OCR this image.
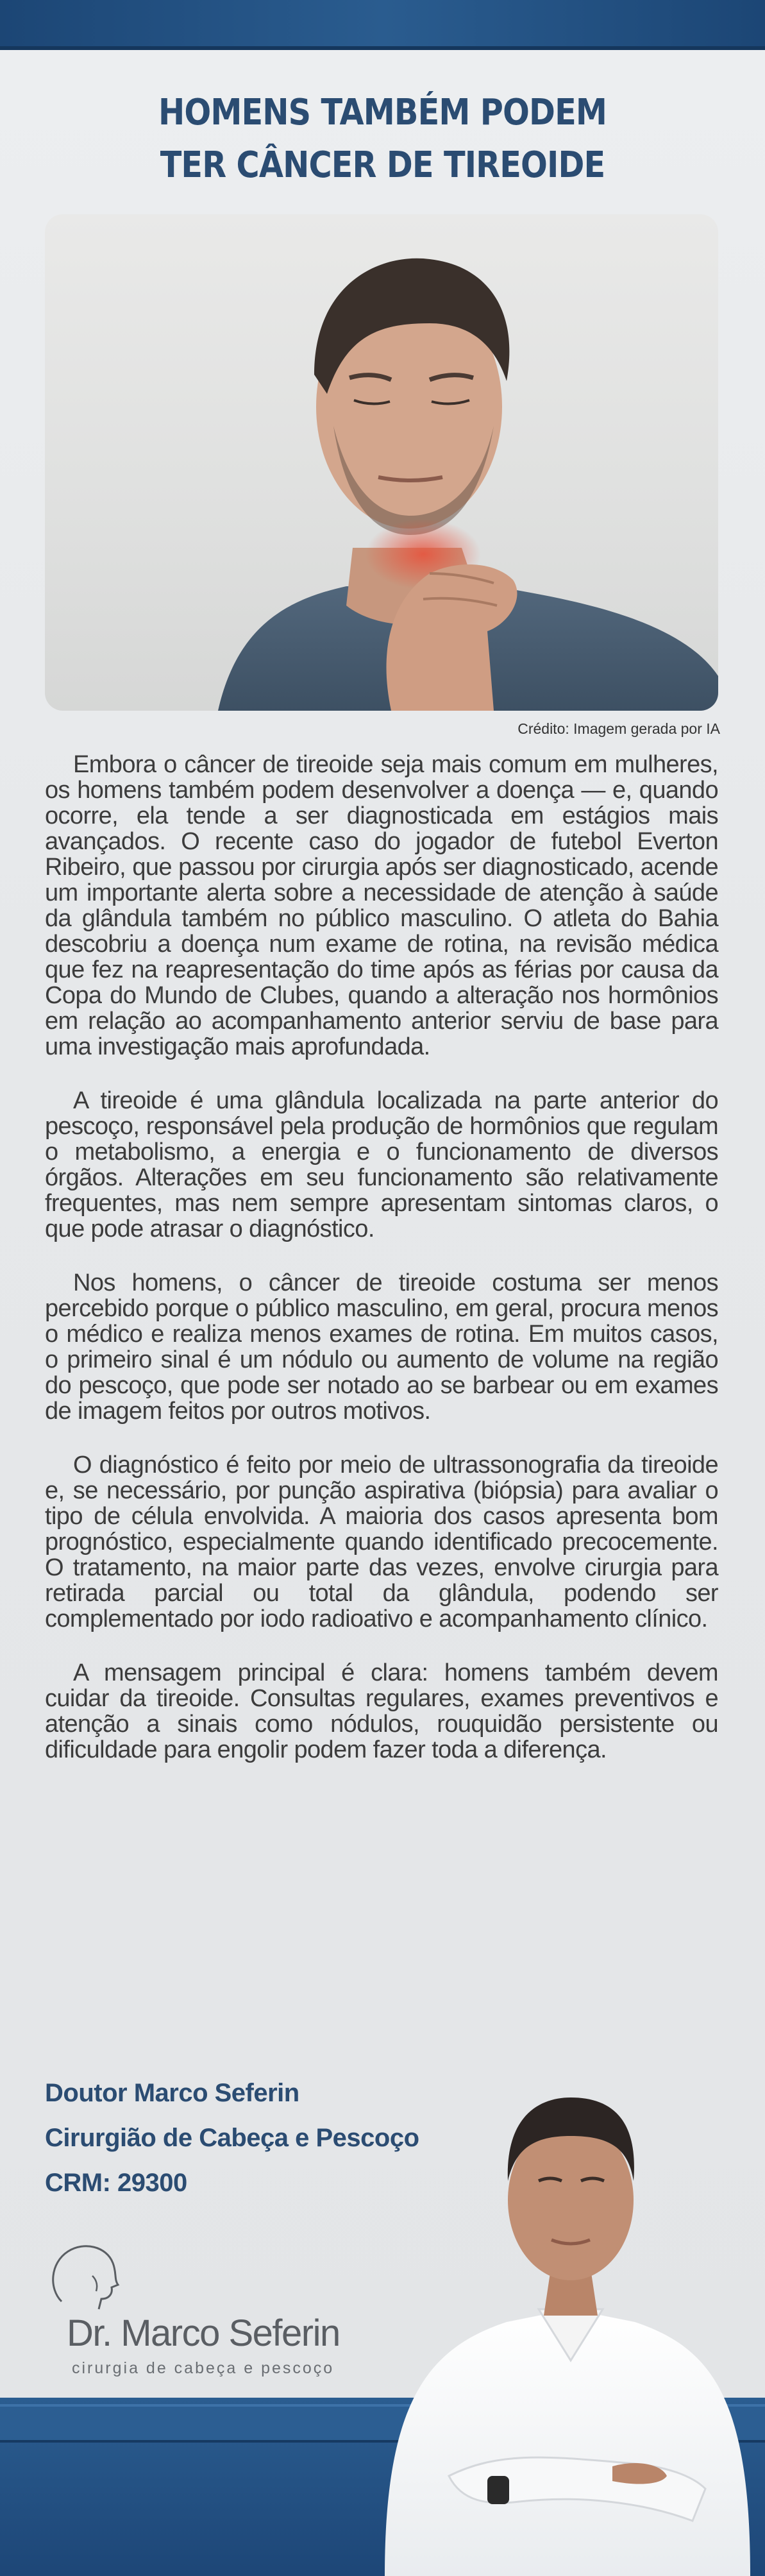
HOMENS TAMBÉM PODEM
TER CÂNCER DE TIREOIDE
Crédito: Imagem gerada por IA

Embora o câncer de tireoide seja mais comum em mulheres, os homens também podem desenvolver a doença — e, quando ocorre, ela tende a ser diagnosticada em estágios mais avançados. O recente caso do jogador de futebol Everton Ribeiro, que passou por cirurgia após ser diagnosticado, acende um importante alerta sobre a necessidade de atenção à saúde da glândula também no público masculino. O atleta do Bahia descobriu a doença num exame de rotina, na revisão médica que fez na reapresentação do time após as férias por causa da Copa do Mundo de Clubes, quando a alteração nos hormônios em relação ao acompanhamento anterior serviu de base para uma investigação mais aprofundada.

A tireoide é uma glândula localizada na parte anterior do pescoço, responsável pela produção de hormônios que regulam o metabolismo, a energia e o funcionamento de diversos órgãos. Alterações em seu funcionamento são relativamente frequentes, mas nem sempre apresentam sintomas claros, o que pode atrasar o diagnóstico.

Nos homens, o câncer de tireoide costuma ser menos percebido porque o público masculino, em geral, procura menos o médico e realiza menos exames de rotina. Em muitos casos, o primeiro sinal é um nódulo ou aumento de volume na região do pescoço, que pode ser notado ao se barbear ou em exames de imagem feitos por outros motivos.

O diagnóstico é feito por meio de ultrassonografia da tireoide e, se necessário, por punção aspirativa (biópsia) para avaliar o tipo de célula envolvida. A maioria dos casos apresenta bom prognóstico, especialmente quando identificado precocemente. O tratamento, na maior parte das vezes, envolve cirurgia para retirada parcial ou total da glândula, podendo ser complementado por iodo radioativo e acompanhamento clínico.

A mensagem principal é clara: homens também devem cuidar da tireoide. Consultas regulares, exames preventivos e atenção a sinais como nódulos, rouquidão persistente ou dificuldade para engolir podem fazer toda a diferença.

Doutor Marco Seferin
Cirurgião de Cabeça e Pescoço
CRM: 29300
Dr. Marco Seferin
cirurgia de cabeça e pescoço
